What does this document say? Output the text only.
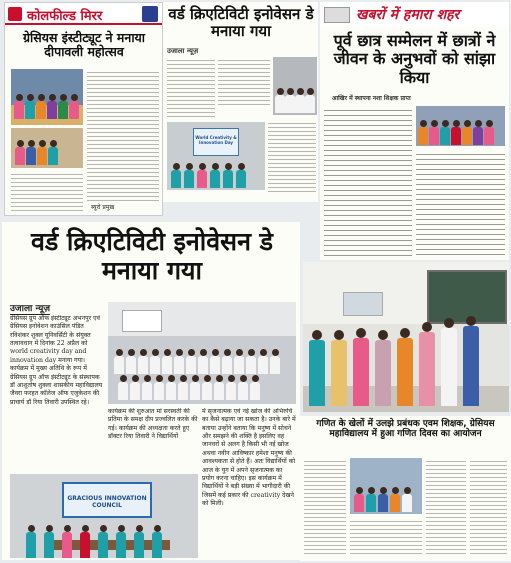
कोलफील्ड मिरर
ग्रेसियस इंस्टीट्यूट ने मनाया दीपावली महोत्सव
ब्यूरो प्रमुख
वर्ड क्रिएटिविटी इनोवेसन डे मनाया गया
उजाला न्यूज़
World Creativity & Innovation Day
खबरों में हमारा शहर
पूर्व छात्र सम्मेलन में छात्रों ने जीवन के अनुभवों को सांझा किया
आखिर में स्थापना नशा शिक्षक प्राप्त
वर्ड क्रिएटिविटी इनोवेसन डे मनाया गया
उजाला न्यूज़
ग्रेसियस ग्रुप ऑफ इंस्टीट्यूट अभनपुर एवं ग्रेसियस इनोवेशन काउंसिल पंडित रविशंकर शुक्ल यूनिवर्सिटी के संयुक्त तत्वावधान में दिनांक 22 अप्रैल को world creativity day and innovation day मनाया गया। कार्यक्रम में मुख्य अतिथि के रूप में ग्रेसियस ग्रुप ऑफ इंस्टीट्यूट के संस्थापक डॉ आशुतोष शुक्ला शासकीय महाविद्यालय जैवरा फरहत कॉलेज ऑफ एजुकेशन की प्राचार्य डॉ रिया तिवारी उपस्थित रहे।
कार्यक्रम की शुरुआत मां सरस्वती की प्रतिमा के समक्ष दीप प्रज्वलित करके की गई। कार्यक्रम की अध्यक्षता करते हुए डॉक्टर रिया तिवारी ने विद्यार्थियों
में सृजनात्मक एवं नई खोज की अभिरुचि का कैसे बढ़ाया जा सकता है। उनके बारे में बताया उन्होंने बताया कि मनुष्य में सोचने और समझने की शक्ति है इसलिए वह जानवरों से अलग है किसी भी नई खोज अथवा नवीन आविष्कार हमेशा मनुष्य की आवश्यकता से होते हैं। अतः विद्यार्थियों को आज के युग में अपने सृजनात्मक का प्रयोग करना चाहिए। इस कार्यक्रम में विद्यार्थियों ने बड़ी संख्या में भागीदारी की जिसमें कई प्रकार की creativity देखने को मिली।
GRACIOUS INNOVATION COUNCIL
गणित के खेलों में उलझे प्रबंधक एवम शिक्षक, ग्रेसियस महाविद्यालय में हुआ गणित दिवस का आयोजन
